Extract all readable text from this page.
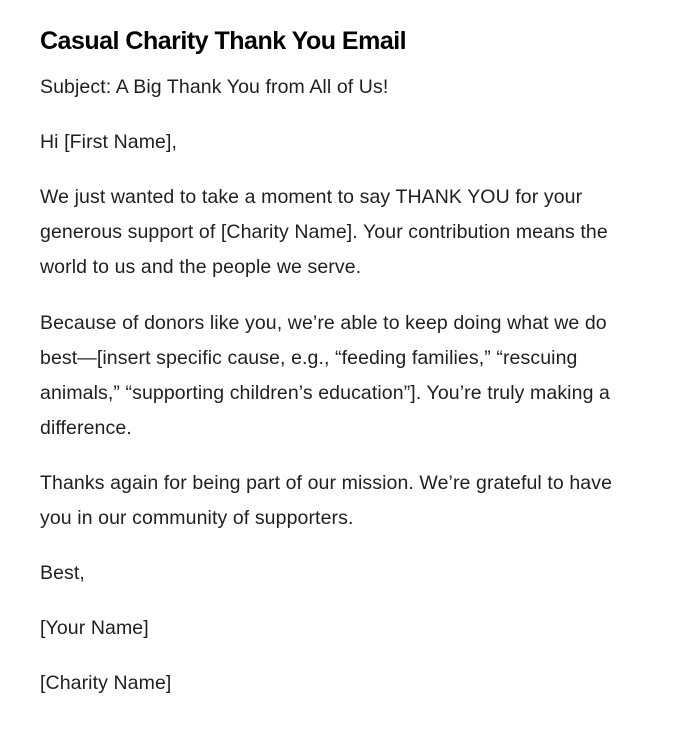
Casual Charity Thank You Email

Subject: A Big Thank You from All of Us!

Hi [First Name],

We just wanted to take a moment to say THANK YOU for your generous support of [Charity Name]. Your contribution means the world to us and the people we serve.

Because of donors like you, we’re able to keep doing what we do best—[insert specific cause, e.g., “feeding families,” “rescuing animals,” “supporting children’s education”]. You’re truly making a difference.

Thanks again for being part of our mission. We’re grateful to have you in our community of supporters.

Best,

[Your Name]

[Charity Name]
